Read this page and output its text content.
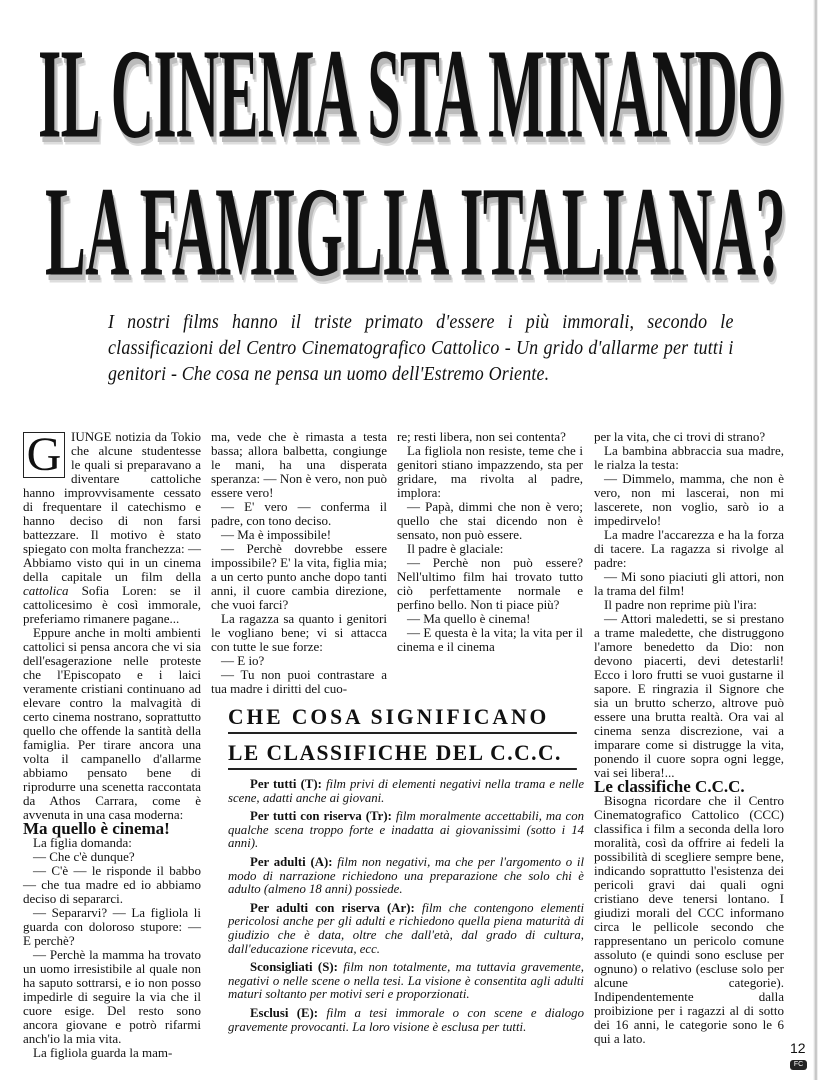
IL CINEMA STA MINANDO
LA FAMIGLIA ITALIANA?
I nostri films hanno il triste primato d'essere i più immorali, secondo le classificazioni del Centro Cinematografico Cattolico - Un grido d'allarme per tutti i genitori - Che cosa ne pensa un uomo dell'Estremo Oriente.

G IUNGE notizia da Tokio che alcune studentesse le quali si preparavano a diventare cattoliche hanno improvvisamente cessato di frequentare il catechismo e hanno deciso di non farsi battezzare. Il motivo è stato spiegato con molta franchezza: — Abbiamo visto qui in un cinema della capitale un film della cattolica Sofia Loren: se il cattolicesimo è così immorale, preferiamo rimanere pagane...

Eppure anche in molti ambienti cattolici si pensa ancora che vi sia dell'esagerazione nelle proteste che l'Episcopato e i laici veramente cristiani continuano ad elevare contro la malvagità di certo cinema nostrano, soprattutto quello che offende la santità della famiglia. Per tirare ancora una volta il campanello d'allarme abbiamo pensato bene di riprodurre una scenetta raccontata da Athos Carrara, come è avvenuta in una casa moderna:

Ma quello è cinema!

La figlia domanda:

— Che c'è dunque?

— C'è — le risponde il babbo — che tua madre ed io abbiamo deciso di separarci.

— Separarvi? — La figliola li guarda con doloroso stupore: — E perchè?

— Perchè la mamma ha trovato un uomo irresistibile al quale non ha saputo sottrarsi, e io non posso impedirle di seguire la via che il cuore esige. Del resto sono ancora giovane e potrò rifarmi anch'io la mia vita.

La figliola guarda la mam-

ma, vede che è rimasta a testa bassa; allora balbetta, congiunge le mani, ha una disperata speranza: — Non è vero, non può essere vero!

— E' vero — conferma il padre, con tono deciso.

— Ma è impossibile!

— Perchè dovrebbe essere impossibile? E' la vita, figlia mia; a un certo punto anche dopo tanti anni, il cuore cambia direzione, che vuoi farci?

La ragazza sa quanto i genitori le vogliano bene; vi si attacca con tutte le sue forze:

— E io?

— Tu non puoi contrastare a tua madre i diritti del cuo-

re; resti libera, non sei contenta?

La figliola non resiste, teme che i genitori stiano impazzendo, sta per gridare, ma rivolta al padre, implora:

— Papà, dimmi che non è vero; quello che stai dicendo non è sensato, non può essere.

Il padre è glaciale:

— Perchè non può essere? Nell'ultimo film hai trovato tutto ciò perfettamente normale e perfino bello. Non ti piace più?

— Ma quello è cinema!

— E questa è la vita; la vita per il cinema e il cinema

per la vita, che ci trovi di strano?

La bambina abbraccia sua madre, le rialza la testa:

— Dimmelo, mamma, che non è vero, non mi lascerai, non mi lascerete, non voglio, sarò io a impedirvelo!

La madre l'accarezza e ha la forza di tacere. La ragazza si rivolge al padre:

— Mi sono piaciuti gli attori, non la trama del film!

Il padre non reprime più l'ira:

— Attori maledetti, se si prestano a trame maledette, che distruggono l'amore benedetto da Dio: non devono piacerti, devi detestarli! Ecco i loro frutti se vuoi gustarne il sapore. E ringrazia il Signore che sia un brutto scherzo, altrove può essere una brutta realtà. Ora vai al cinema senza discrezione, vai a imparare come si distrugge la vita, ponendo il cuore sopra ogni legge, vai sei libera!...

Le classifiche C.C.C.

Bisogna ricordare che il Centro Cinematografico Cattolico (CCC) classifica i film a seconda della loro moralità, così da offrire ai fedeli la possibilità di scegliere sempre bene, indicando soprattutto l'esistenza dei pericoli gravi dai quali ogni cristiano deve tenersi lontano. I giudizi morali del CCC informano circa le pellicole secondo che rappresentano un pericolo comune assoluto (e quindi sono escluse per ognuno) o relativo (escluse solo per alcune categorie). Indipendentemente dalla proibizione per i ragazzi al di sotto dei 16 anni, le categorie sono le 6 qui a lato.

CHE COSA SIGNIFICANO
LE CLASSIFICHE DEL C.C.C.

Per tutti (T): film privi di elementi negativi nella trama e nelle scene, adatti anche ai giovani.

Per tutti con riserva (Tr): film moralmente accettabili, ma con qualche scena troppo forte e inadatta ai giovanissimi (sotto i 14 anni).

Per adulti (A): film non negativi, ma che per l'argomento o il modo di narrazione richiedono una preparazione che solo chi è adulto (almeno 18 anni) possiede.

Per adulti con riserva (Ar): film che contengono elementi pericolosi anche per gli adulti e richiedono quella piena maturità di giudizio che è data, oltre che dall'età, dal grado di cultura, dall'educazione ricevuta, ecc.

Sconsigliati (S): film non totalmente, ma tuttavia gravemente, negativi o nelle scene o nella tesi. La visione è consentita agli adulti maturi soltanto per motivi seri e proporzionati.

Esclusi (E): film a tesi immorale o con scene e dialogo gravemente provocanti. La loro visione è esclusa per tutti.

12
FC
